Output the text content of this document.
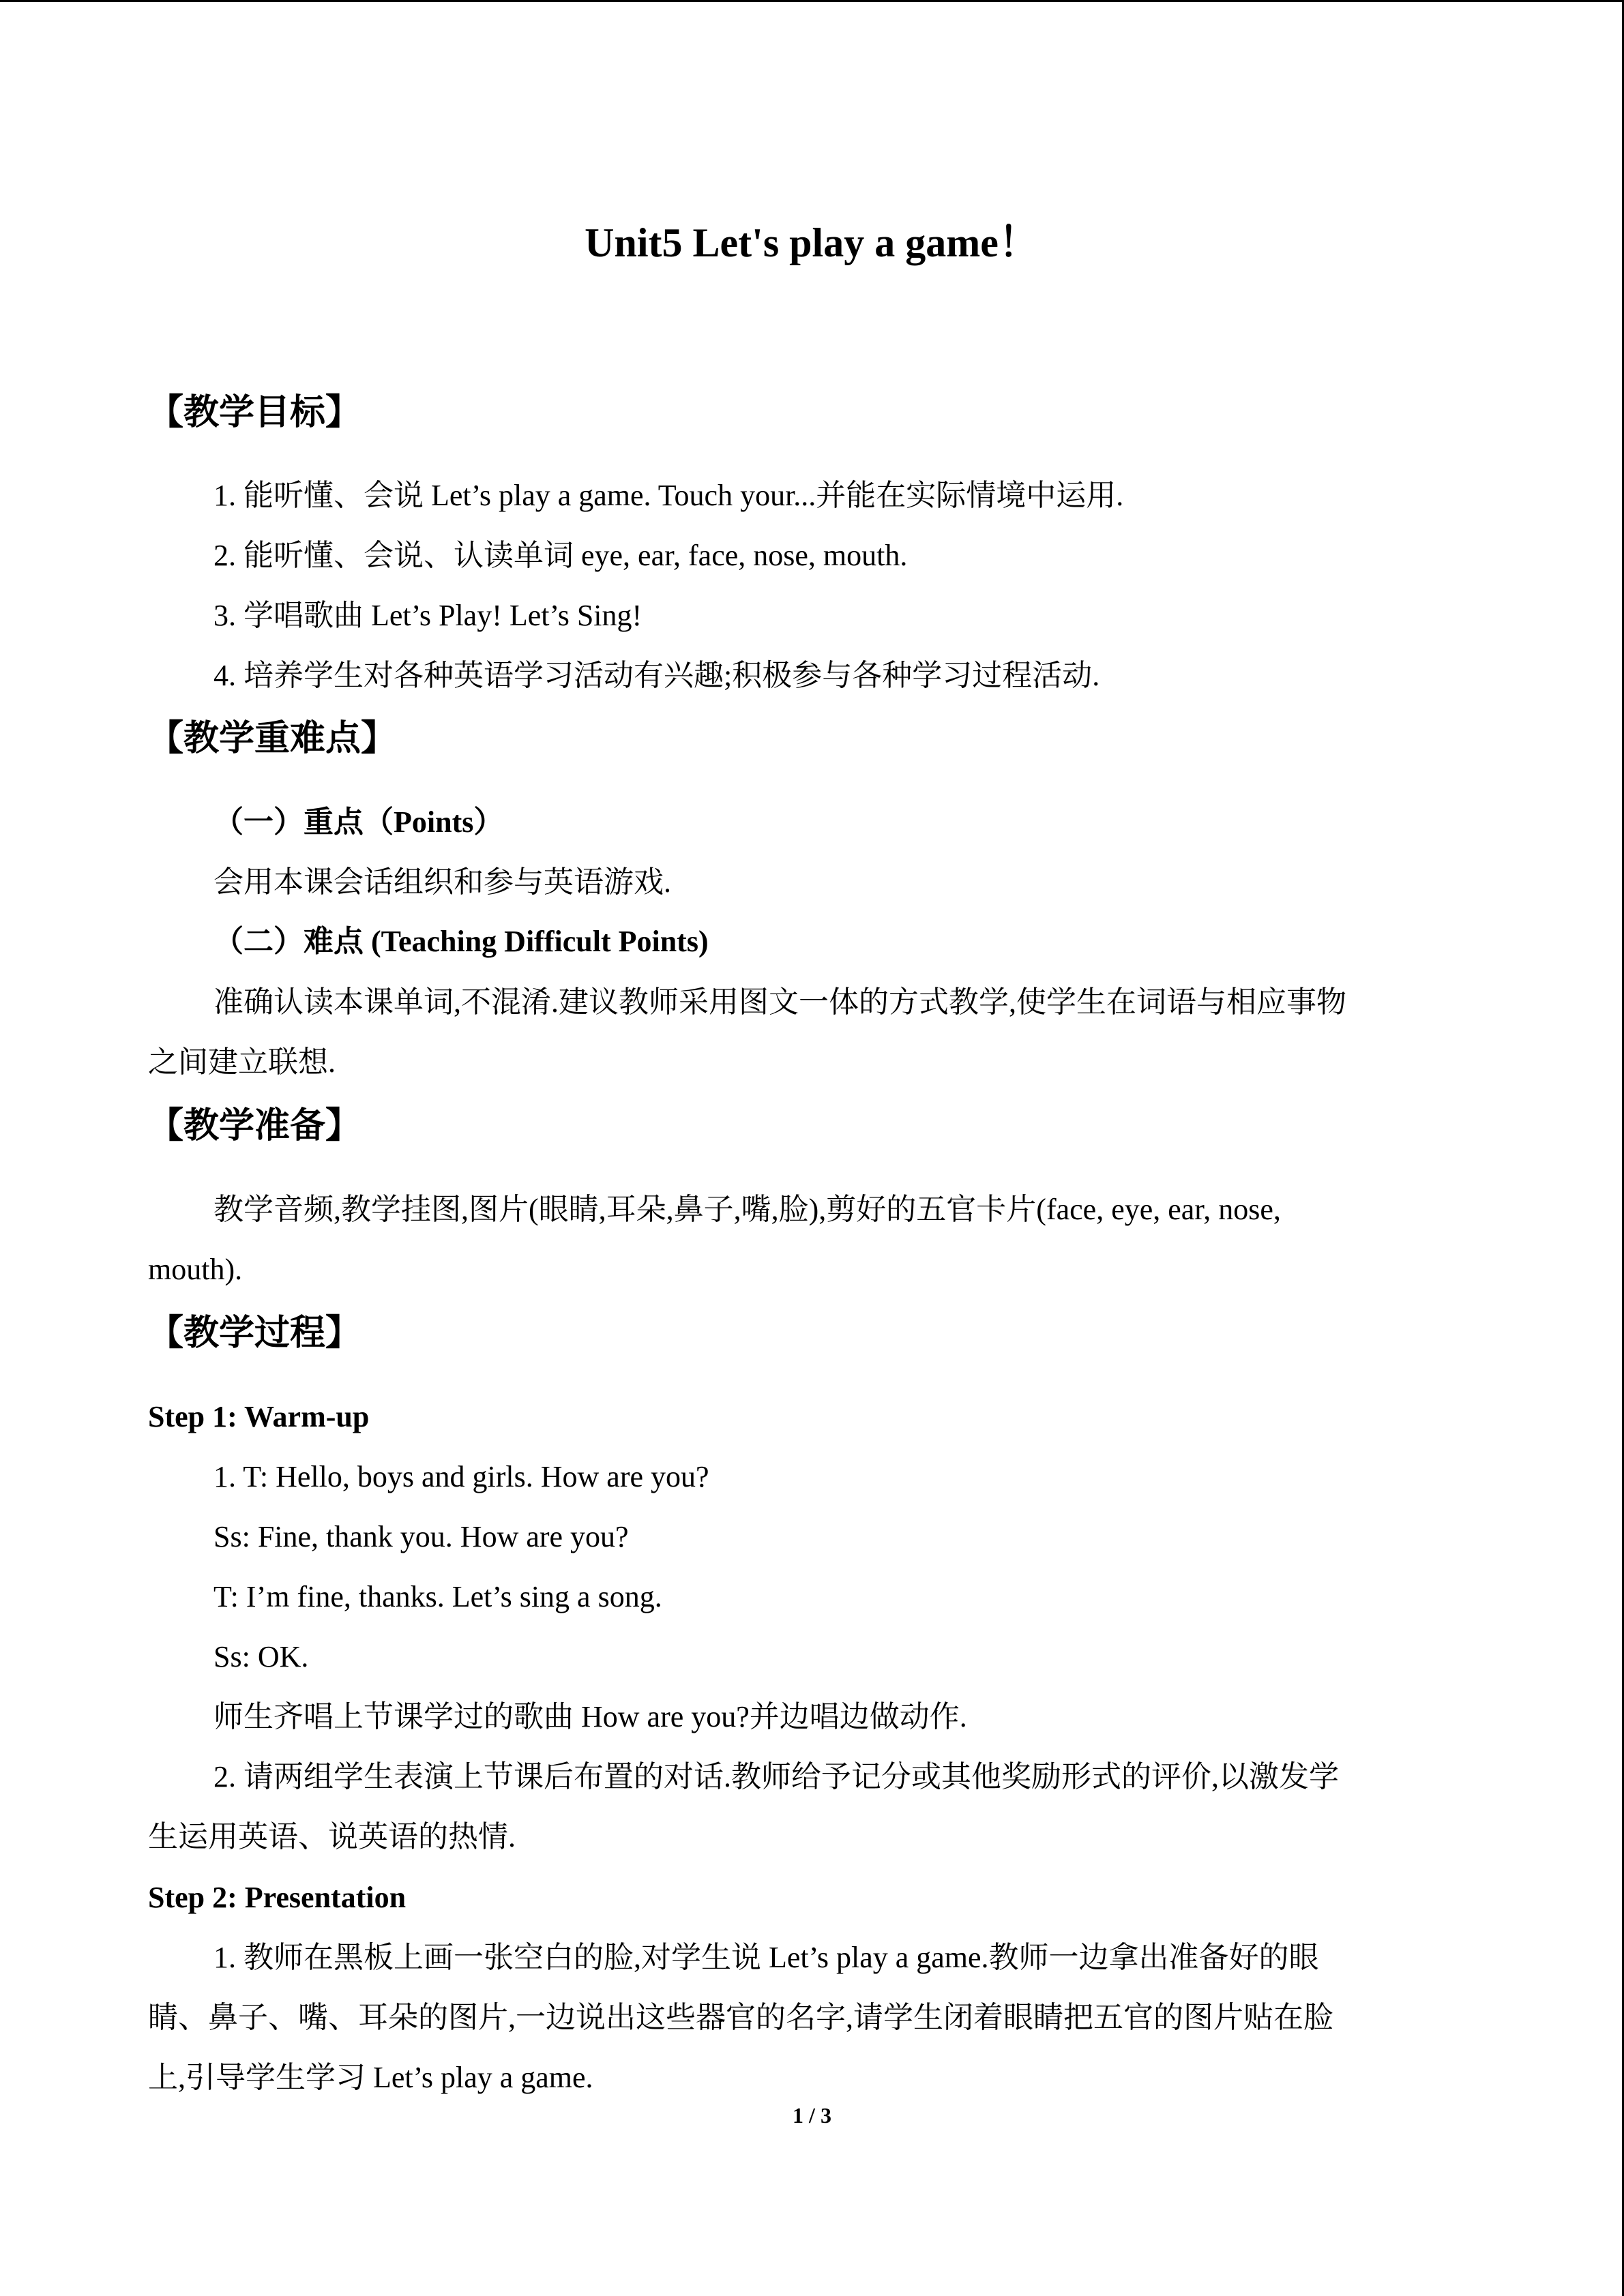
Unit5 Let's play a game！
【教学目标】
1. 能听懂、会说 Let’s play a game. Touch your...并能在实际情境中运用.
2. 能听懂、会说、认读单词 eye, ear, face, nose, mouth.
3. 学唱歌曲 Let’s Play! Let’s Sing!
4. 培养学生对各种英语学习活动有兴趣;积极参与各种学习过程活动.
【教学重难点】
（一）重点（Points）
会用本课会话组织和参与英语游戏.
（二）难点 (Teaching Difficult Points)
准确认读本课单词,不混淆.建议教师采用图文一体的方式教学,使学生在词语与相应事物
之间建立联想.
【教学准备】
教学音频,教学挂图,图片(眼睛,耳朵,鼻子,嘴,脸),剪好的五官卡片(face, eye, ear, nose,
mouth).
【教学过程】
Step 1: Warm-up
1. T: Hello, boys and girls. How are you?
Ss: Fine, thank you. How are you?
T: I’m fine, thanks. Let’s sing a song.
Ss: OK.
师生齐唱上节课学过的歌曲 How are you?并边唱边做动作.
2. 请两组学生表演上节课后布置的对话.教师给予记分或其他奖励形式的评价,以激发学
生运用英语、说英语的热情.
Step 2: Presentation
1. 教师在黑板上画一张空白的脸,对学生说 Let’s play a game.教师一边拿出准备好的眼
睛、鼻子、嘴、耳朵的图片,一边说出这些器官的名字,请学生闭着眼睛把五官的图片贴在脸
上,引导学生学习 Let’s play a game.
1 / 3
